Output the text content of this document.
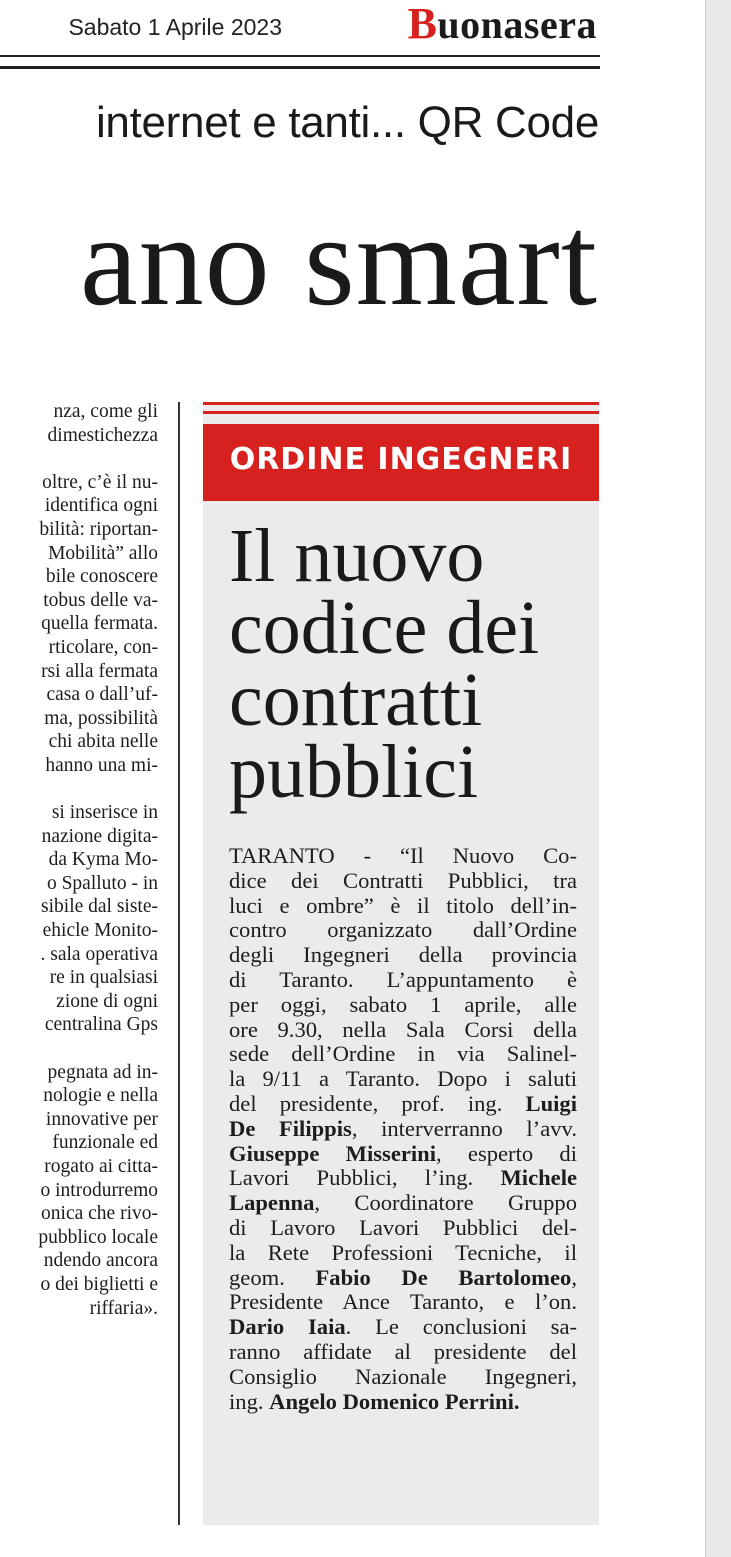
Sabato 1 Aprile 2023	Buonasera
internet e tanti... QR Code
ano smart
nza, come gli
dimestichezza
oltre, c’è il nu-
identifica ogni
bilità: riportan-
Mobilità” allo
bile conoscere
tobus delle va-
quella fermata.
rticolare, con-
rsi alla fermata
casa o dall’uf-
ma, possibilità
chi abita nelle
hanno una mi-
si inserisce in
nazione digita-
da Kyma Mo-
o Spalluto - in
sibile dal siste-
ehicle Monito-
. sala operativa
re in qualsiasi
zione di ogni
centralina Gps
pegnata ad in-
nologie e nella
innovative per
funzionale ed
rogato ai citta-
o introdurremo
onica che rivo-
pubblico locale
ndendo ancora
o dei biglietti e
riffaria».
ORDINE INGEGNERI
Il nuovo
codice dei
contratti
pubblici
TARANTO - “Il Nuovo Co-
dice dei Contratti Pubblici, tra
luci e ombre” è il titolo dell’in-
contro organizzato dall’Ordine
degli Ingegneri della provincia
di Taranto. L’appuntamento è
per oggi, sabato 1 aprile, alle
ore 9.30, nella Sala Corsi della
sede dell’Ordine in via Salinel-
la 9/11 a Taranto. Dopo i saluti
del presidente, prof. ing. Luigi
De Filippis, interverranno l’avv.
Giuseppe Misserini, esperto di
Lavori Pubblici, l’ing. Michele
Lapenna, Coordinatore Gruppo
di Lavoro Lavori Pubblici del-
la Rete Professioni Tecniche, il
geom. Fabio De Bartolomeo,
Presidente Ance Taranto, e l’on.
Dario Iaia. Le conclusioni sa-
ranno affidate al presidente del
Consiglio Nazionale Ingegneri,
ing. Angelo Domenico Perrini.
